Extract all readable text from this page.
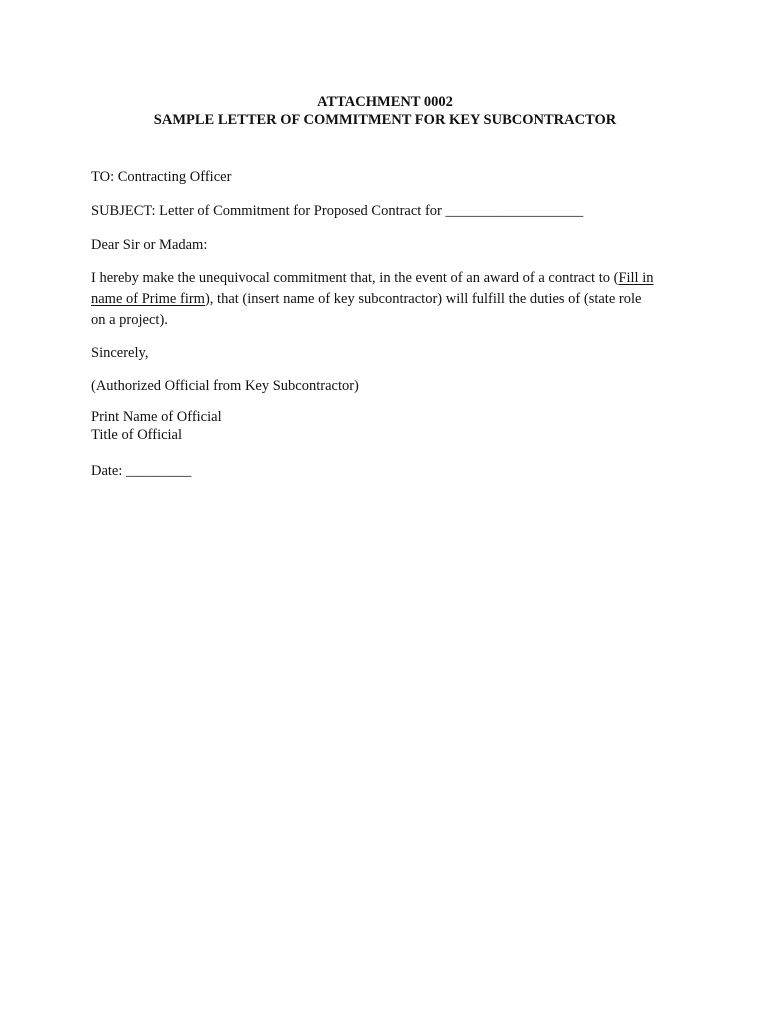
ATTACHMENT 0002
SAMPLE LETTER OF COMMITMENT FOR KEY SUBCONTRACTOR
TO: Contracting Officer
SUBJECT: Letter of Commitment for Proposed Contract for ___________________
Dear Sir or Madam:
I hereby make the unequivocal commitment that, in the event of an award of a contract to (Fill in
name of Prime firm), that (insert name of key subcontractor) will fulfill the duties of (state role
on a project).
Sincerely,
(Authorized Official from Key Subcontractor)
Print Name of Official
Title of Official
Date: _________
